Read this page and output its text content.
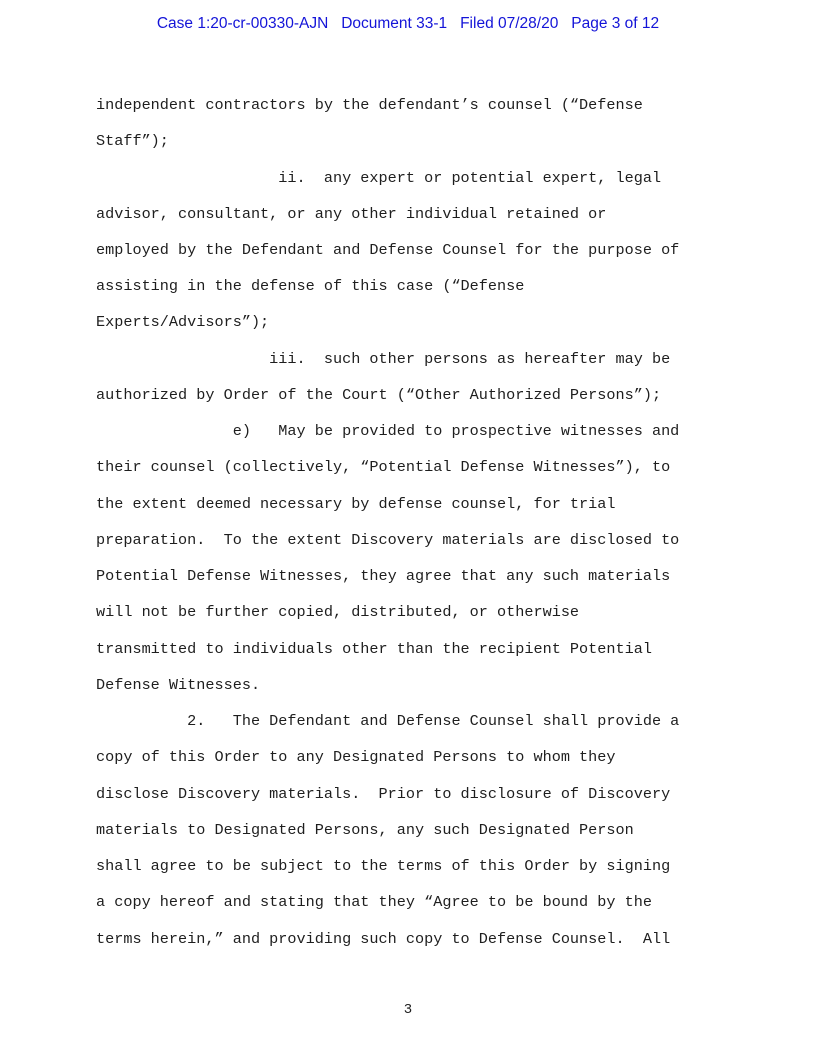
Case 1:20-cr-00330-AJN   Document 33-1   Filed 07/28/20   Page 3 of 12
independent contractors by the defendant’s counsel (“Defense
Staff”);
ii.  any expert or potential expert, legal
advisor, consultant, or any other individual retained or
employed by the Defendant and Defense Counsel for the purpose of
assisting in the defense of this case (“Defense
Experts/Advisors”);
iii.  such other persons as hereafter may be
authorized by Order of the Court (“Other Authorized Persons”);
e)   May be provided to prospective witnesses and
their counsel (collectively, “Potential Defense Witnesses”), to
the extent deemed necessary by defense counsel, for trial
preparation.  To the extent Discovery materials are disclosed to
Potential Defense Witnesses, they agree that any such materials
will not be further copied, distributed, or otherwise
transmitted to individuals other than the recipient Potential
Defense Witnesses.
2.   The Defendant and Defense Counsel shall provide a
copy of this Order to any Designated Persons to whom they
disclose Discovery materials.  Prior to disclosure of Discovery
materials to Designated Persons, any such Designated Person
shall agree to be subject to the terms of this Order by signing
a copy hereof and stating that they “Agree to be bound by the
terms herein,” and providing such copy to Defense Counsel.  All
3
